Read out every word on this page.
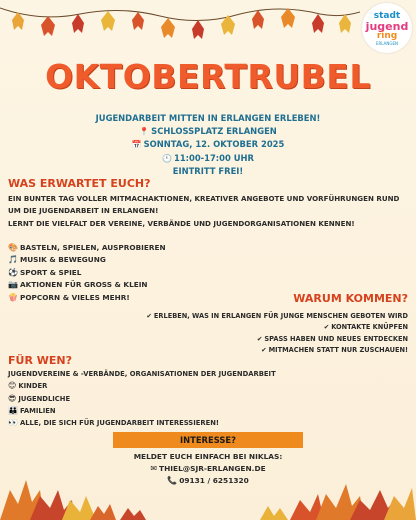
stadt
jugend
ring
ERLANGEN
OKTOBERTRUBEL
JUGENDARBEIT MITTEN IN ERLANGEN ERLEBEN!
📍 SCHLOSSPLATZ ERLANGEN
📅 SONNTAG, 12. OKTOBER 2025
🕚 11:00-17:00 UHR
EINTRITT FREI!
WAS ERWARTET EUCH?
EIN BUNTER TAG VOLLER MITMACHAKTIONEN, KREATIVER ANGEBOTE UND VORFÜHRUNGEN RUND UM DIE JUGENDARBEIT IN ERLANGEN!
LERNT DIE VIELFALT DER VEREINE, VERBÄNDE UND JUGENDORGANISATIONEN KENNEN!
🎨 BASTELN, SPIELEN, AUSPROBIEREN
🎵 MUSIK & BEWEGUNG
⚽ SPORT & SPIEL
📷 AKTIONEN FÜR GROSS & KLEIN
🍿 POPCORN & VIELES MEHR!	WARUM KOMMEN?
✔ ERLEBEN, WAS IN ERLANGEN FÜR JUNGE MENSCHEN GEBOTEN WIRD
✔ KONTAKTE KNÜPFEN
✔ SPASS HABEN UND NEUES ENTDECKEN
✔ MITMACHEN STATT NUR ZUSCHAUEN!
FÜR WEN?
JUGENDVEREINE & -VERBÄNDE, ORGANISATIONEN DER JUGENDARBEIT
😊 KINDER
😎 JUGENDLICHE
👪 FAMILIEN
👀 ALLE, DIE SICH FÜR JUGENDARBEIT INTERESSIEREN!
INTERESSE?
MELDET EUCH EINFACH BEI NIKLAS:
✉ THIEL@SJR-ERLANGEN.DE
📞 09131 / 6251320
